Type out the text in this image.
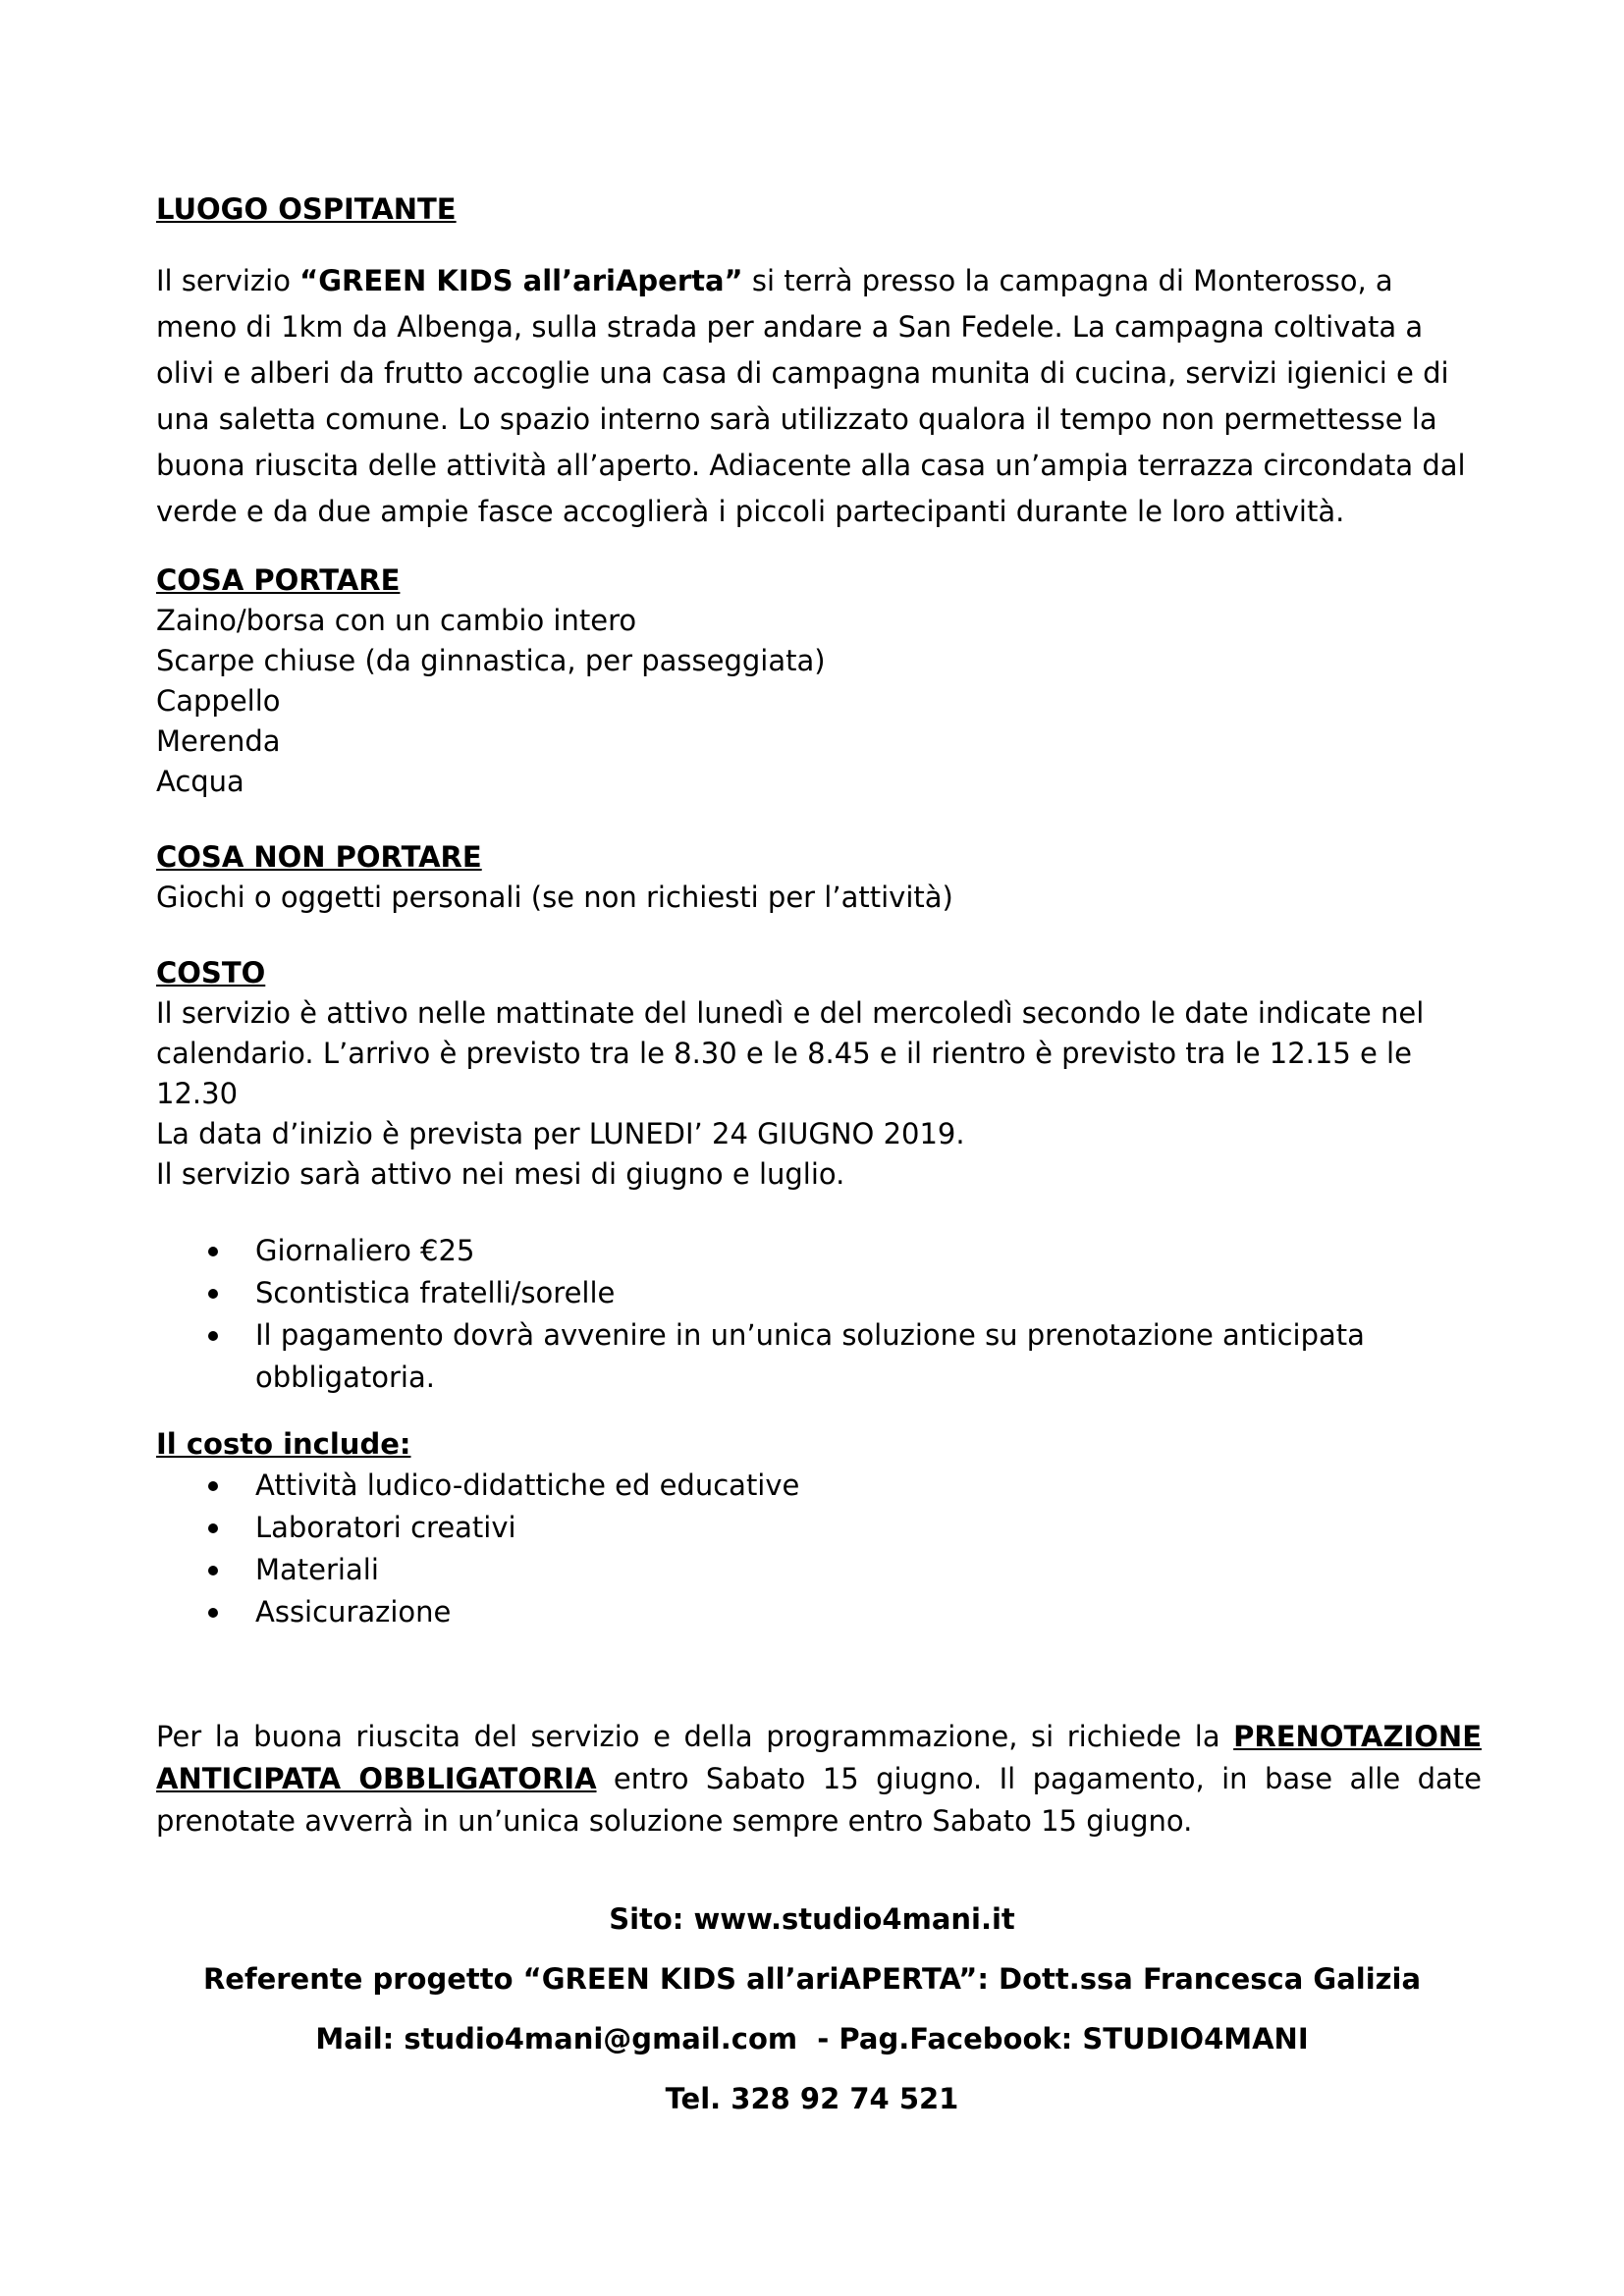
LUOGO OSPITANTE

Il servizio “GREEN KIDS all’ariAperta” si terrà presso la campagna di Monterosso, a meno di 1km da Albenga, sulla strada per andare a San Fedele. La campagna coltivata a olivi e alberi da frutto accoglie una casa di campagna munita di cucina, servizi igienici e di una saletta comune. Lo spazio interno sarà utilizzato qualora il tempo non permettesse la buona riuscita delle attività all’aperto. Adiacente alla casa un’ampia terrazza circondata dal verde e da due ampie fasce accoglierà i piccoli partecipanti durante le loro attività.

COSA PORTARE
Zaino/borsa con un cambio intero
Scarpe chiuse (da ginnastica, per passeggiata)
Cappello
Merenda
Acqua
COSA NON PORTARE
Giochi o oggetti personali (se non richiesti per l’attività)
COSTO
Il servizio è attivo nelle mattinate del lunedì e del mercoledì secondo le date indicate nel
calendario. L’arrivo è previsto tra le 8.30 e le 8.45 e il rientro è previsto tra le 12.15 e le 12.30
La data d’inizio è prevista per LUNEDI’ 24 GIUGNO 2019.
Il servizio sarà attivo nei mesi di giugno e luglio.
Giornaliero €25
Scontistica fratelli/sorelle
Il pagamento dovrà avvenire in un’unica soluzione su prenotazione anticipata obbligatoria.
Il costo include:
Attività ludico-didattiche ed educative
Laboratori creativi
Materiali
Assicurazione

Per la buona riuscita del servizio e della programmazione, si richiede la PRENOTAZIONE ANTICIPATA OBBLIGATORIA entro Sabato 15 giugno. Il pagamento, in base alle date prenotate avverrà in un’unica soluzione sempre entro Sabato 15 giugno.

Sito: www.studio4mani.it
Referente progetto “GREEN KIDS all’ariAPERTA”: Dott.ssa Francesca Galizia
Mail: studio4mani@gmail.com  - Pag.Facebook: STUDIO4MANI
Tel. 328 92 74 521
